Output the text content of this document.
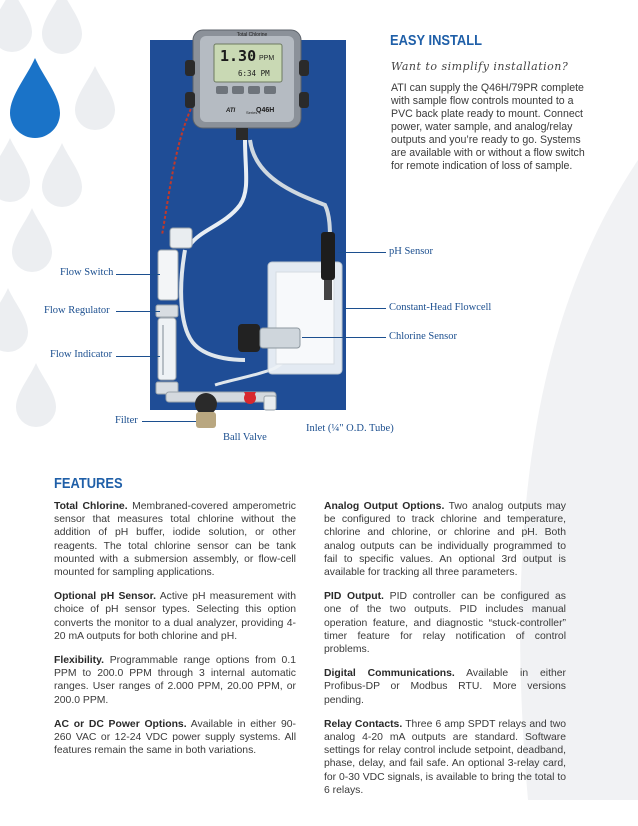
Total Chlorine
1.30 PPM
6:34 PM
ATI	Series
Q46H
Flow Switch
Flow Regulator
Flow Indicator
Filter
Ball Valve
Inlet (¼" O.D. Tube)
pH Sensor
Constant-Head Flowcell
Chlorine Sensor
EASY INSTALL
Want to simplify installation?
ATI can supply the Q46H/79PR complete with sample flow controls mounted to a PVC back plate ready to mount. Connect power, water sample, and analog/relay outputs and you’re ready to go. Systems are available with or without a flow switch for remote indication of loss of sample.
FEATURES

Total Chlorine. Membraned-covered amperometric sensor that measures total chlorine without the addition of pH buffer, iodide solution, or other reagents. The total chlorine sensor can be tank mounted with a submersion assembly, or flow-cell mounted for sampling applications.

Optional pH Sensor. Active pH measurement with choice of pH sensor types. Selecting this option converts the monitor to a dual analyzer, providing 4-20 mA outputs for both chlorine and pH.

Flexibility. Programmable range options from 0.1 PPM to 200.0 PPM through 3 internal automatic ranges. User ranges of 2.000 PPM, 20.00 PPM, or 200.0 PPM.

AC or DC Power Options. Available in either 90-260 VAC or 12-24 VDC power supply systems. All features remain the same in both variations.

Analog Output Options. Two analog outputs may be configured to track chlorine and temperature, chlorine and chlorine, or chlorine and pH. Both analog outputs can be individually programmed to fail to specific values. An optional 3rd output is available for tracking all three parameters.

PID Output. PID controller can be configured as one of the two outputs. PID includes manual operation feature, and diagnostic “stuck-controller” timer feature for relay notification of control problems.

Digital Communications. Available in either Profibus-DP or Modbus RTU. More versions pending.

Relay Contacts. Three 6 amp SPDT relays and two analog 4-20 mA outputs are standard. Software settings for relay control include setpoint, deadband, phase, delay, and fail safe. An optional 3-relay card, for 0-30 VDC signals, is available to bring the total to 6 relays.
